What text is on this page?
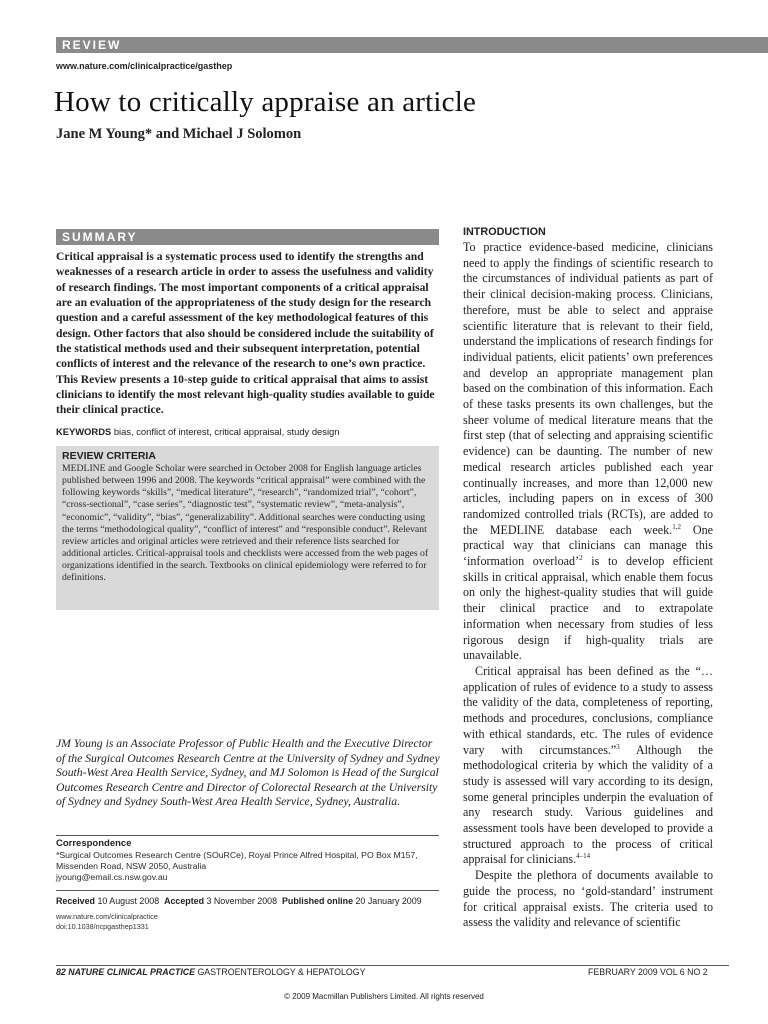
REVIEW
www.nature.com/clinicalpractice/gasthep
How to critically appraise an article
Jane M Young* and Michael J Solomon
SUMMARY
Critical appraisal is a systematic process used to identify the strengths and weaknesses of a research article in order to assess the usefulness and validity of research findings. The most important components of a critical appraisal are an evaluation of the appropriateness of the study design for the research question and a careful assessment of the key methodological features of this design. Other factors that also should be considered include the suitability of the statistical methods used and their subsequent interpretation, potential conflicts of interest and the relevance of the research to one’s own practice. This Review presents a 10-step guide to critical appraisal that aims to assist clinicians to identify the most relevant high-quality studies available to guide their clinical practice.
KEYWORDS bias, conflict of interest, critical appraisal, study design
REVIEW CRITERIA
MEDLINE and Google Scholar were searched in October 2008 for English language articles published between 1996 and 2008. The keywords “critical appraisal” were combined with the following keywords “skills”, “medical literature”, “research”, “randomized trial”, “cohort”, “cross-sectional”, “case series”, “diagnostic test”, “systematic review”, “meta-analysis”, “economic”, “validity”, “bias”, “generalizability”. Additional searches were conducting using the terms “methodological quality”, “conflict of interest” and “responsible conduct”. Relevant review articles and original articles were retrieved and their reference lists searched for additional articles. Critical-appraisal tools and checklists were accessed from the web pages of organizations identified in the search. Textbooks on clinical epidemiology were referred to for definitions.
JM Young is an Associate Professor of Public Health and the Executive Director of the Surgical Outcomes Research Centre at the University of Sydney and Sydney South-West Area Health Service, Sydney, and MJ Solomon is Head of the Surgical Outcomes Research Centre and Director of Colorectal Research at the University of Sydney and Sydney South-West Area Health Service, Sydney, Australia.
Correspondence
*Surgical Outcomes Research Centre (SOuRCe), Royal Prince Alfred Hospital, PO Box M157, Missenden Road, NSW 2050, Australia
jyoung@email.cs.nsw.gov.au
Received 10 August 2008 Accepted 3 November 2008 Published online 20 January 2009
www.nature.com/clinicalpractice
doi:10.1038/ncpgasthep1331
INTRODUCTION

To practice evidence-based medicine, clinicians need to apply the findings of scientific research to the circumstances of individual patients as part of their clinical decision-making process. Clinicians, therefore, must be able to select and appraise scientific literature that is relevant to their field, understand the implications of research findings for individual patients, elicit patients’ own preferences and develop an appropriate management plan based on the combination of this information. Each of these tasks presents its own challenges, but the sheer volume of medical literature means that the first step (that of selecting and appraising scientific evidence) can be daunting. The number of new medical research articles published each year continually increases, and more than 12,000 new articles, including papers on in excess of 300 randomized controlled trials (RCTs), are added to the MEDLINE database each week.$^{1,2}$ One practical way that clinicians can manage this ‘information overload’$^2$ is to develop efficient skills in critical appraisal, which enable them focus on only the highest-quality studies that will guide their clinical practice and to extrapolate information when necessary from studies of less rigorous design if high-quality trials are unavailable.

Critical appraisal has been defined as the “…application of rules of evidence to a study to assess the validity of the data, completeness of reporting, methods and procedures, conclusions, compliance with ethical standards, etc. The rules of evidence vary with circumstances.”$^3$ Although the methodological criteria by which the validity of a study is assessed will vary according to its design, some general principles underpin the evaluation of any research study. Various guidelines and assessment tools have been developed to provide a structured approach to the process of critical appraisal for clinicians.$^{4-14}$

Despite the plethora of documents available to guide the process, no ‘gold-standard’ instrument for critical appraisal exists. The criteria used to assess the validity and relevance of scientific

82 NATURE CLINICAL PRACTICE GASTROENTEROLOGY & HEPATOLOGY	FEBRUARY 2009 VOL 6 NO 2
© 2009 Macmillan Publishers Limited. All rights reserved
